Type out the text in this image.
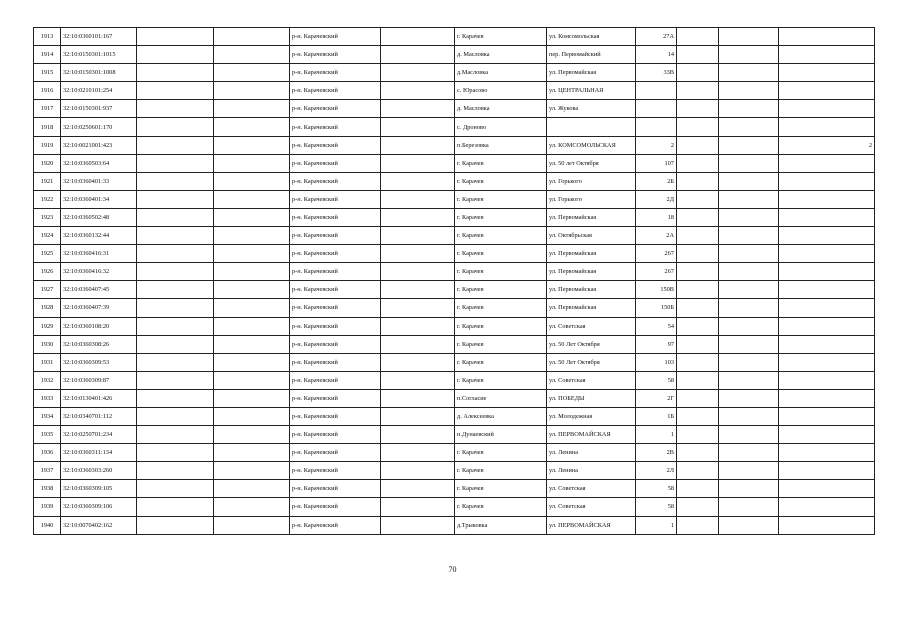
1913	32:10:0360101:167			р-н. Карачевский		г. Карачев	ул. Комсомольская	27А			
1914	32:10:0150301:1015			р-н. Карачевский		д. Масловка	пер. Первомайский	14			
1915	32:10:0150301:1008			р-н. Карачевский		д.Масловка	ул. Первомайская	33В			
1916	32:10:0210101:254			р-н. Карачевский		с. Юрасово	ул. ЦЕНТРАЛЬНАЯ				
1917	32:10:0150301:937			р-н. Карачевский		д. Масловка	ул. Жукова				
1918	32:10:0250601:170			р-н. Карачевский		с. Дроново					
1919	32:10:0021001:423			р-н. Карачевский		п.Березовка	ул. КОМСОМОЛЬСКАЯ	2			2
1920	32:10:0360503:64			р-н. Карачевский		г. Карачев	ул. 50 лет Октября	107			
1921	32:10:0360401:33			р-н. Карачевский		г. Карачев	ул. Горького	2Б			
1922	32:10:0360401:34			р-н. Карачевский		г. Карачев	ул. Горького	2Д			
1923	32:10:0360502:48			р-н. Карачевский		г. Карачев	ул. Первомайская	18			
1924	32:10:0360132:44			р-н. Карачевский		г. Карачев	ул. Октябрьская	2А			
1925	32:10:0360416:31			р-н. Карачевский		г. Карачев	ул. Первомайская	267			
1926	32:10:0360416:32			р-н. Карачевский		г. Карачев	ул. Первомайская	267			
1927	32:10:0360407:45			р-н. Карачевский		г. Карачев	ул. Первомайская	150В			
1928	32:10:0360407:39			р-н. Карачевский		г. Карачев	ул. Первомайская	150Б			
1929	32:10:0360108:20			р-н. Карачевский		г. Карачев	ул. Советская	54			
1930	32:10:0360308:26			р-н. Карачевский		г. Карачев	ул. 50 Лет Октября	97			
1931	32:10:0360309:53			р-н. Карачевский		г. Карачев	ул. 50 Лет Октября	103			
1932	32:10:0360309:87			р-н. Карачевский		г. Карачев	ул. Советская	58			
1933	32:10:0130401:426			р-н. Карачевский		п.Согласие	ул. ПОБЕДЫ	2Г			
1934	32:10:0340701:112			р-н. Карачевский		д. Алексеевка	ул. Молодежная	1Б			
1935	32:10:0250701:234			р-н. Карачевский		п.Дунаевский	ул. ПЕРВОМАЙСКАЯ	1			
1936	32:10:0360311:134			р-н. Карачевский		г. Карачев	ул. Ленина	2В			
1937	32:10:0360303:260			р-н. Карачевский		г. Карачев	ул. Ленина	2Л			
1938	32:10:0360309:105			р-н. Карачевский		г. Карачев	ул. Советская	58			
1939	32:10:0360309:106			р-н. Карачевский		г. Карачев	ул. Советская	58			
1940	32:10:0070402:162			р-н. Карачевский		д.Трыковка	ул. ПЕРВОМАЙСКАЯ	1			
70
